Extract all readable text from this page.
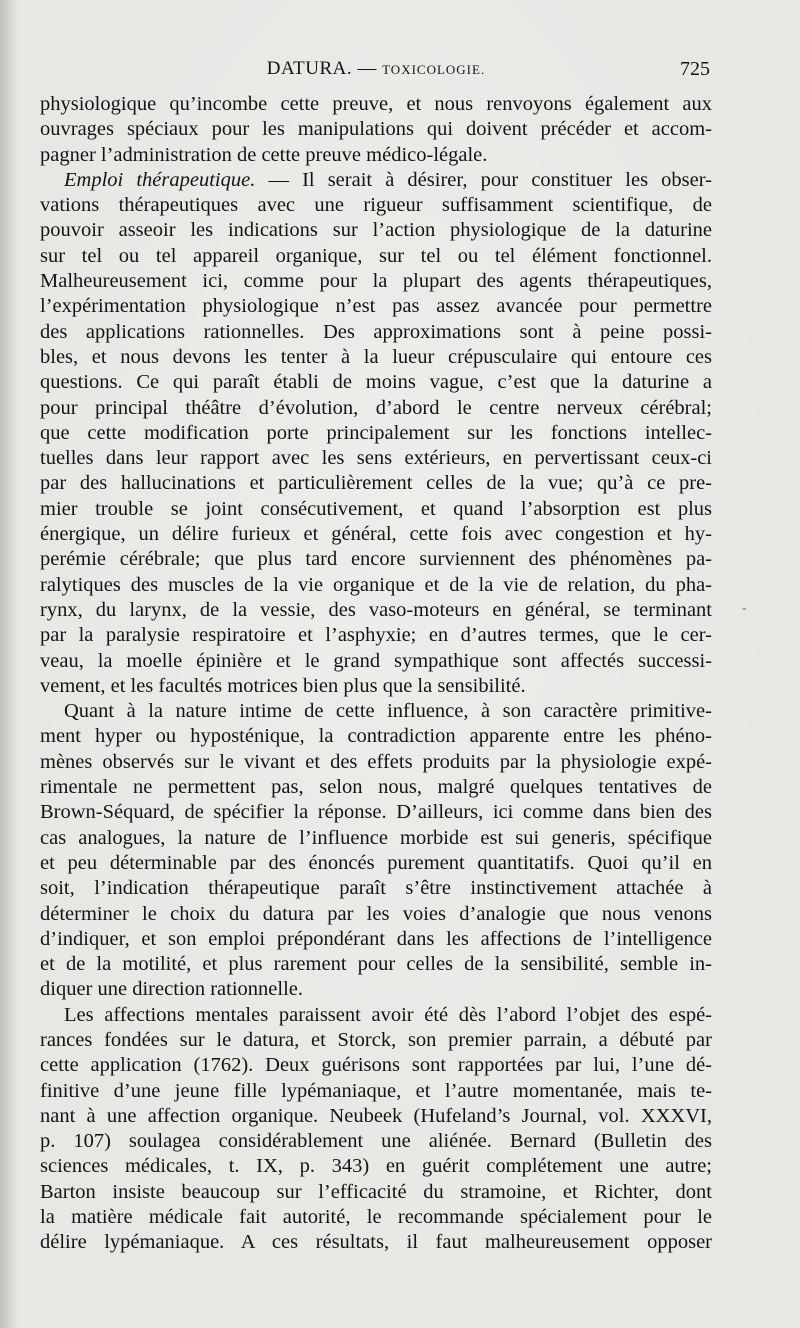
DATURA. — TOXICOLOGIE.	725
physiologique qu’incombe cette preuve, et nous renvoyons également aux
ouvrages spéciaux pour les manipulations qui doivent précéder et accom-
pagner l’administration de cette preuve médico-légale.
Emploi thérapeutique. — Il serait à désirer, pour constituer les obser-
vations thérapeutiques avec une rigueur suffisamment scientifique, de
pouvoir asseoir les indications sur l’action physiologique de la daturine
sur tel ou tel appareil organique, sur tel ou tel élément fonctionnel.
Malheureusement ici, comme pour la plupart des agents thérapeutiques,
l’expérimentation physiologique n’est pas assez avancée pour permettre
des applications rationnelles. Des approximations sont à peine possi-
bles, et nous devons les tenter à la lueur crépusculaire qui entoure ces
questions. Ce qui paraît établi de moins vague, c’est que la daturine a
pour principal théâtre d’évolution, d’abord le centre nerveux cérébral;
que cette modification porte principalement sur les fonctions intellec-
tuelles dans leur rapport avec les sens extérieurs, en pervertissant ceux-ci
par des hallucinations et particulièrement celles de la vue; qu’à ce pre-
mier trouble se joint consécutivement, et quand l’absorption est plus
énergique, un délire furieux et général, cette fois avec congestion et hy-
perémie cérébrale; que plus tard encore surviennent des phénomènes pa-
ralytiques des muscles de la vie organique et de la vie de relation, du pha-
rynx, du larynx, de la vessie, des vaso-moteurs en général, se terminant
par la paralysie respiratoire et l’asphyxie; en d’autres termes, que le cer-
veau, la moelle épinière et le grand sympathique sont affectés successi-
vement, et les facultés motrices bien plus que la sensibilité.
Quant à la nature intime de cette influence, à son caractère primitive-
ment hyper ou hyposténique, la contradiction apparente entre les phéno-
mènes observés sur le vivant et des effets produits par la physiologie expé-
rimentale ne permettent pas, selon nous, malgré quelques tentatives de
Brown-Séquard, de spécifier la réponse. D’ailleurs, ici comme dans bien des
cas analogues, la nature de l’influence morbide est sui generis, spécifique
et peu déterminable par des énoncés purement quantitatifs. Quoi qu’il en
soit, l’indication thérapeutique paraît s’être instinctivement attachée à
déterminer le choix du datura par les voies d’analogie que nous venons
d’indiquer, et son emploi prépondérant dans les affections de l’intelligence
et de la motilité, et plus rarement pour celles de la sensibilité, semble in-
diquer une direction rationnelle.
Les affections mentales paraissent avoir été dès l’abord l’objet des espé-
rances fondées sur le datura, et Storck, son premier parrain, a débuté par
cette application (1762). Deux guérisons sont rapportées par lui, l’une dé-
finitive d’une jeune fille lypémaniaque, et l’autre momentanée, mais te-
nant à une affection organique. Neubeek (Hufeland’s Journal, vol. XXXVI,
p. 107) soulagea considérablement une aliénée. Bernard (Bulletin des
sciences médicales, t. IX, p. 343) en guérit complétement une autre;
Barton insiste beaucoup sur l’efficacité du stramoine, et Richter, dont
la matière médicale fait autorité, le recommande spécialement pour le
délire lypémaniaque. A ces résultats, il faut malheureusement opposer
-
